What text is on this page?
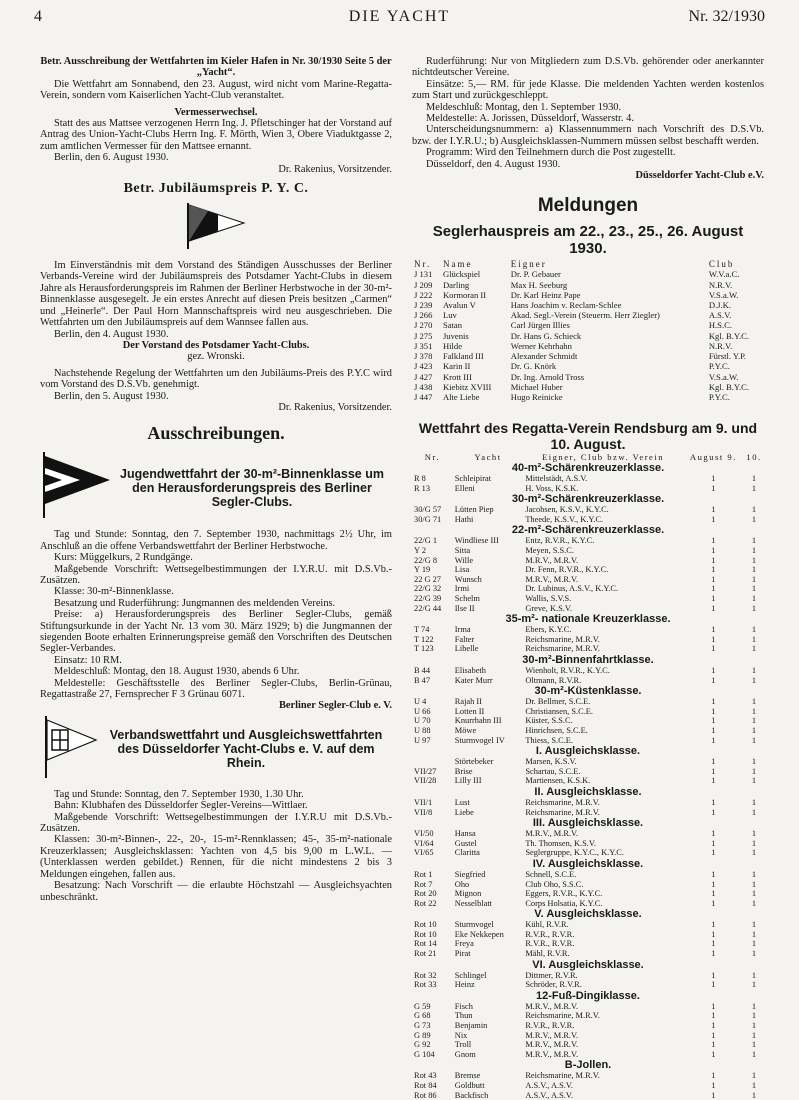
4	DIE YACHT	Nr. 32/1930

Betr. Ausschreibung der Wettfahrten im Kieler Hafen in Nr. 30/1930 Seite 5 der „Yacht“.

Die Wettfahrt am Sonnabend, den 23. August, wird nicht vom Marine-Regatta-Verein, sondern vom Kaiserlichen Yacht-Club veranstaltet.

Vermesserwechsel.

Statt des aus Mattsee verzogenen Herrn Ing. J. Pfletschinger hat der Vorstand auf Antrag des Union-Yacht-Clubs Herrn Ing. F. Mörth, Wien 3, Obere Viaduktgasse 2, zum amtlichen Vermesser für den Mattsee ernannt.

Berlin, den 6. August 1930.

Dr. Rakenius, Vorsitzender.

Betr. Jubiläumspreis P. Y. C.

Im Einverständnis mit dem Vorstand des Ständigen Ausschusses der Berliner Verbands-Vereine wird der Jubiläumspreis des Potsdamer Yacht-Clubs in diesem Jahre als Herausforderungspreis im Rahmen der Berliner Herbstwoche in der 30-m²-Binnenklasse ausgesegelt. Je ein erstes Anrecht auf diesen Preis besitzen „Carmen“ und „Heinerle“. Der Paul Horn Mannschaftspreis wird neu ausgeschrieben. Die Wettfahrten um den Jubiläumspreis auf dem Wannsee fallen aus.

Berlin, den 4. August 1930.

Der Vorstand des Potsdamer Yacht-Clubs.

gez. Wronski.

Nachstehende Regelung der Wettfahrten um den Jubiläums-Preis des P.Y.C wird vom Vorstand des D.S.Vb. genehmigt.

Berlin, den 5. August 1930.

Dr. Rakenius, Vorsitzender.

Ausschreibungen.
Jugendwettfahrt der 30-m²-Binnenklasse um den Herausforderungspreis des Berliner Segler-Clubs.

Tag und Stunde: Sonntag, den 7. September 1930, nachmittags 2½ Uhr, im Anschluß an die offene Verbandswettfahrt der Berliner Herbstwoche.

Kurs: Müggelkurs, 2 Rundgänge.

Maßgebende Vorschrift: Wettsegelbestimmungen der I.Y.R.U. mit D.S.Vb.-Zusätzen.

Klasse: 30-m²-Binnenklasse.

Besatzung und Ruderführung: Jungmannen des meldenden Vereins.

Preise: a) Herausforderungspreis des Berliner Segler-Clubs, gemäß Stiftungsurkunde in der Yacht Nr. 13 vom 30. März 1929; b) die Jungmannen der siegenden Boote erhalten Erinnerungspreise gemäß den Vorschriften des Deutschen Segler-Verbandes.

Einsatz: 10 RM.

Meldeschluß: Montag, den 18. August 1930, abends 6 Uhr.

Meldestelle: Geschäftsstelle des Berliner Segler-Clubs, Berlin-Grünau, Regattastraße 27, Fernsprecher F 3 Grünau 6071.

Berliner Segler-Club e. V.

Verbandswettfahrt und Ausgleichswettfahrten des Düsseldorfer Yacht-Clubs e. V. auf dem Rhein.

Tag und Stunde: Sonntag, den 7. September 1930, 1.30 Uhr.

Bahn: Klubhafen des Düsseldorfer Segler-Vereins—Wittlaer.

Maßgebende Vorschrift: Wettsegelbestimmungen der I.Y.R.U mit D.S.Vb.-Zusätzen.

Klassen: 30-m²-Binnen-, 22-, 20-, 15-m²-Rennklassen; 45-, 35-m²-nationale Kreuzerklassen; Ausgleichsklassen: Yachten von 4,5 bis 9,00 m L.W.L. — (Unterklassen werden gebildet.) Rennen, für die nicht mindestens 2 bis 3 Meldungen eingehen, fallen aus.

Besatzung: Nach Vorschrift — die erlaubte Höchstzahl — Ausgleichsyachten unbeschränkt.

Ruderführung: Nur von Mitgliedern zum D.S.Vb. gehörender oder anerkannter nichtdeutscher Vereine.

Einsätze: 5,— RM. für jede Klasse. Die meldenden Yachten werden kostenlos zum Start und zurückgeschleppt.

Meldeschluß: Montag, den 1. September 1930.

Meldestelle: A. Jorissen, Düsseldorf, Wasserstr. 4.

Unterscheidungsnummern: a) Klassennummern nach Vorschrift des D.S.Vb. bzw. der I.Y.R.U.; b) Ausgleichsklassen-Nummern müssen selbst beschafft werden.

Programm: Wird den Teilnehmern durch die Post zugestellt.

Düsseldorf, den 4. August 1930.

Düsseldorfer Yacht-Club e.V.

Meldungen
Seglerhauspreis am 22., 23., 25., 26. August 1930.
Nr.	Name	Eigner	Club
J 131	Glückspiel	Dr. P. Gebauer	W.V.a.C.
J 209	Darling	Max H. Seeburg	N.R.V.
J 222	Kormoran II	Dr. Karl Heinz Pape	V.S.a.W.
J 239	Avalun V	Hans Joachim v. Reclam-Schlee	D.J.K.
J 266	Luv	Akad. Segl.-Verein (Steuerm. Herr Ziegler)	A.S.V.
J 270	Satan	Carl Jürgen Illies	H.S.C.
J 275	Juvenis	Dr. Hans G. Schieck	Kgl. B.Y.C.
J 351	Hilde	Werner Kehrhahn	N.R.V.
J 378	Falkland III	Alexander Schmidt	Fürstl. Y.P.
J 423	Karin II	Dr. G. Knörk	P.Y.C.
J 427	Krott III	Dr. Ing. Arnold Tross	V.S.a.W.
J 438	Kiebitz XVIII	Michael Huber	Kgl. B.Y.C.
J 447	Alte Liebe	Hugo Reinicke	P.Y.C.
Wettfahrt des Regatta-Verein Rendsburg am 9. und 10. August.
Nr.	Yacht	Eigner, Club bzw. Verein	August 9.	10.
40-m²-Schärenkreuzerklasse.				
R 8	Schleipirat	Mittelstädt, A.S.V.	1	1
R 13	Elleni	H. Voss, K.S.K.	1	1
30-m²-Schärenkreuzerklasse.				
30/G 57	Lütten Piep	Jacobsen, K.S.V., K.Y.C.	1	1
30/G 71	Hathi	Theede, K.S.V., K.Y.C.	1	1
22-m²-Schärenkreuzerklasse.				
22/G 1	Windliese III	Entz, R.V.R., K.Y.C.	1	1
Y 2	Sitta	Meyen, S.S.C.	1	1
22/G 8	Wille	M.R.V., M.R.V.	1	1
Y 19	Lisa	Dr. Fenn, R.V.R., K.Y.C.	1	1
22 G 27	Wunsch	M.R.V., M.R.V.	1	1
22/G 32	Irmi	Dr. Lubinus, A.S.V., K.Y.C.	1	1
22/G 39	Schelm	Wallis, S.V.S.	1	1
22/G 44	Ilse II	Greve, K.S.V.	1	1
35-m²- nationale Kreuzerklasse.				
T 74	Irma	Ebers, K.Y.C.	1	1
T 122	Falter	Reichsmarine, M.R.V.	1	1
T 123	Libelle	Reichsmarine, M.R.V.	1	1
30-m²-Binnenfahrtklasse.				
B 44	Elisabeth	Wienholt, R.V.R., K.Y.C.	1	1
B 47	Kater Murr	Oltmann, R.V.R.	1	1
30-m²-Küstenklasse.				
U 4	Rajah II	Dr. Bellmer, S.C.E.	1	1
U 66	Lotten II	Christiansen, S.C.E.	1	1
U 70	Knurrhahn III	Küster, S.S.C.	1	1
U 88	Möwe	Hinrichsen, S.C.E.	1	1
U 97	Sturmvogel IV	Thiess, S.C.E.	1	1
I. Ausgleichsklasse.				
	Störtebeker	Marsen, K.S.V.	1	1
VII/27	Brise	Schartau, S.C.E.	1	1
VII/28	Lilly III	Martiensen, K.S.K.	1	1
II. Ausgleichsklasse.				
VII/1	Lust	Reichsmarine, M.R.V.	1	1
VII/8	Liebe	Reichsmarine, M.R.V.	1	1
III. Ausgleichsklasse.				
VI/50	Hansa	M.R.V., M.R.V.	1	1
VI/64	Gustel	Th. Thomsen, K.S.V.	1	1
VI/65	Claritta	Seglergruppe, K.Y.C., K.Y.C.	1	1
IV. Ausgleichsklasse.				
Rot 1	Siegfried	Schnell, S.C.E.	1	1
Rot 7	Oho	Club Oho, S.S.C.	1	1
Rot 20	Mignon	Eggers, R.V.R., K.Y.C.	1	1
Rot 22	Nesselblatt	Corps Holsatia, K.Y.C.	1	1
V. Ausgleichsklasse.				
Rot 10	Sturmvogel	Kühl, R.V.R.	1	1
Rot 10	Eke Nekkepen	R.V.R., R.V.R.	1	1
Rot 14	Freya	R.V.R., R.V.R.	1	1
Rot 21	Pirat	Mähl, R.V.R.	1	1
VI. Ausgleichsklasse.				
Rot 32	Schlingel	Dittmer, R.V.R.	1	1
Rot 33	Heinz	Schröder, R.V.R.	1	1
12-Fuß-Dingiklasse.				
G 59	Fisch	M.R.V., M.R.V.	1	1
G 68	Thun	Reichsmarine, M.R.V.	1	1
G 73	Benjamin	R.V.R., R.V.R.	1	1
G 89	Nix	M.R.V., M.R.V.	1	1
G 92	Troll	M.R.V., M.R.V.	1	1
G 104	Gnom	M.R.V., M.R.V.	1	1
B-Jollen.				
Rot 43	Bremse	Reichsmarine, M.R.V.	1	1
Rot 84	Goldbutt	A.S.V., A.S.V.	1	1
Rot 86	Backfisch	A.S.V., A.S.V.	1	1
